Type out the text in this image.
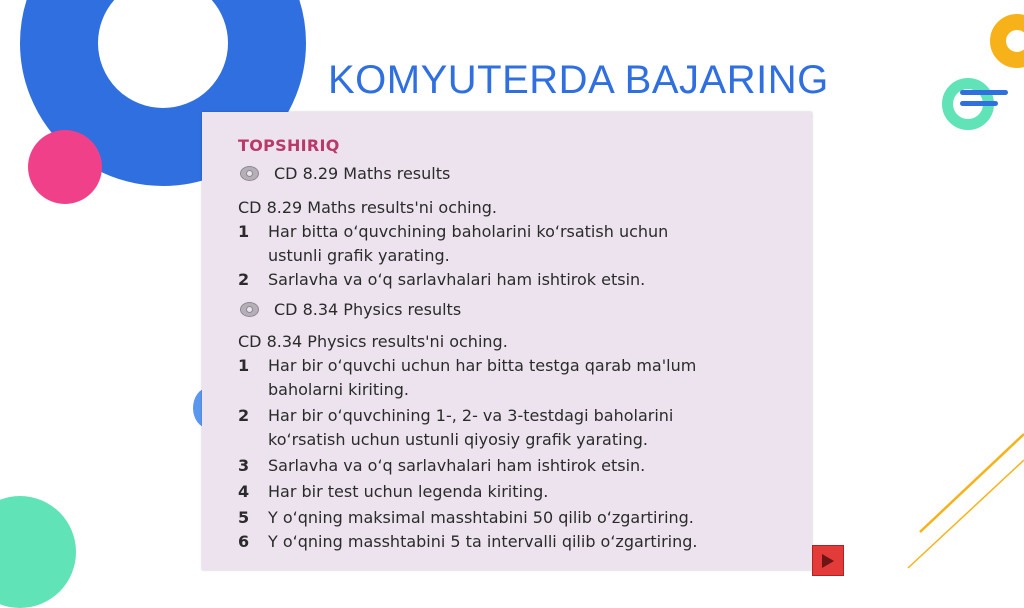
KOMYUTERDA BAJARING
TOPSHIRIQ
CD 8.29 Maths results
CD 8.29 Maths results'ni oching.
1 Har bitta o‘quvchining baholarini ko‘rsatish uchun
ustunli grafik yarating.
2 Sarlavha va o‘q sarlavhalari ham ishtirok etsin.
CD 8.34 Physics results
CD 8.34 Physics results'ni oching.
1 Har bir o‘quvchi uchun har bitta testga qarab ma'lum
baholarni kiriting.
2 Har bir o‘quvchining 1-, 2- va 3-testdagi baholarini
ko‘rsatish uchun ustunli qiyosiy grafik yarating.
3 Sarlavha va o‘q sarlavhalari ham ishtirok etsin.
4 Har bir test uchun legenda kiriting.
5 Y o‘qning maksimal masshtabini 50 qilib o‘zgartiring.
6 Y o‘qning masshtabini 5 ta intervalli qilib o‘zgartiring.
